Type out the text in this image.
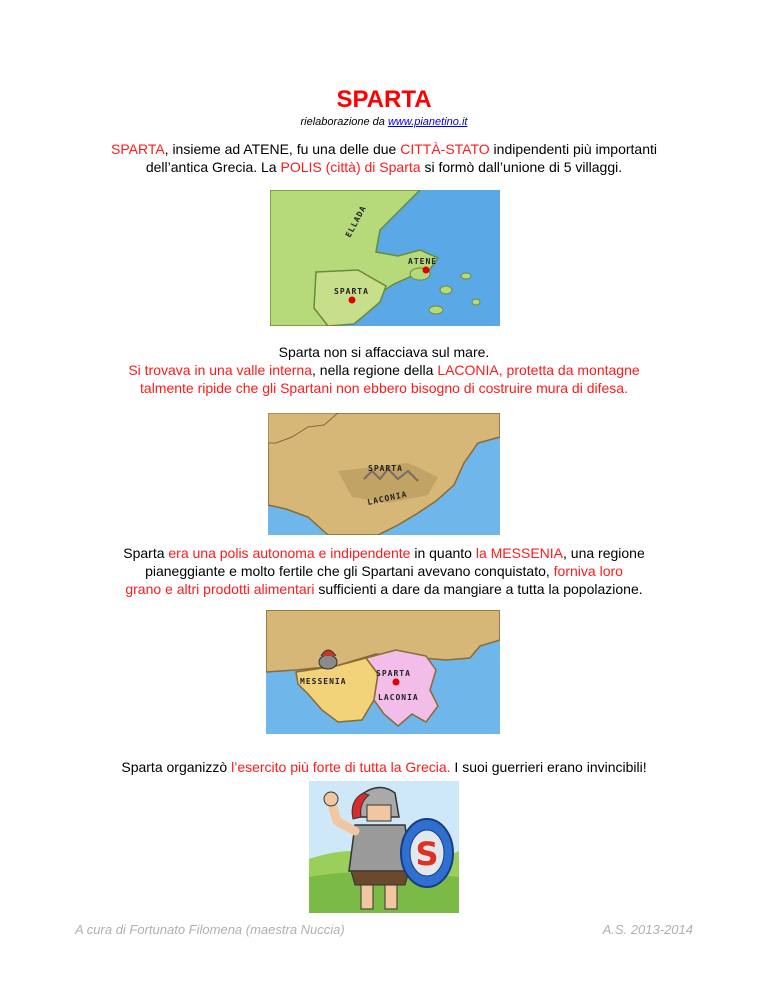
SPARTA
rielaborazione da www.pianetino.it
SPARTA, insieme ad ATENE, fu una delle due CITTÀ-STATO indipendenti più importanti
dell’antica Grecia. La POLIS (città) di Sparta si formò dall’unione di 5 villaggi.
ELLADA
ATENE
SPARTA
Sparta non si affacciava sul mare.
Si trovava in una valle interna, nella regione della LACONIA, protetta da montagne
talmente ripide che gli Spartani non ebbero bisogno di costruire mura di difesa.
SPARTA
LACONIA
Sparta era una polis autonoma e indipendente in quanto la MESSENIA, una regione
pianeggiante e molto fertile che gli Spartani avevano conquistato, forniva loro
grano e altri prodotti alimentari sufficienti a dare da mangiare a tutta la popolazione.
MESSENIA
SPARTA
LACONIA
Sparta organizzò l’esercito più forte di tutta la Grecia. I suoi guerrieri erano invincibili!
S
A cura di Fortunato Filomena (maestra Nuccia)	A.S. 2013-2014
